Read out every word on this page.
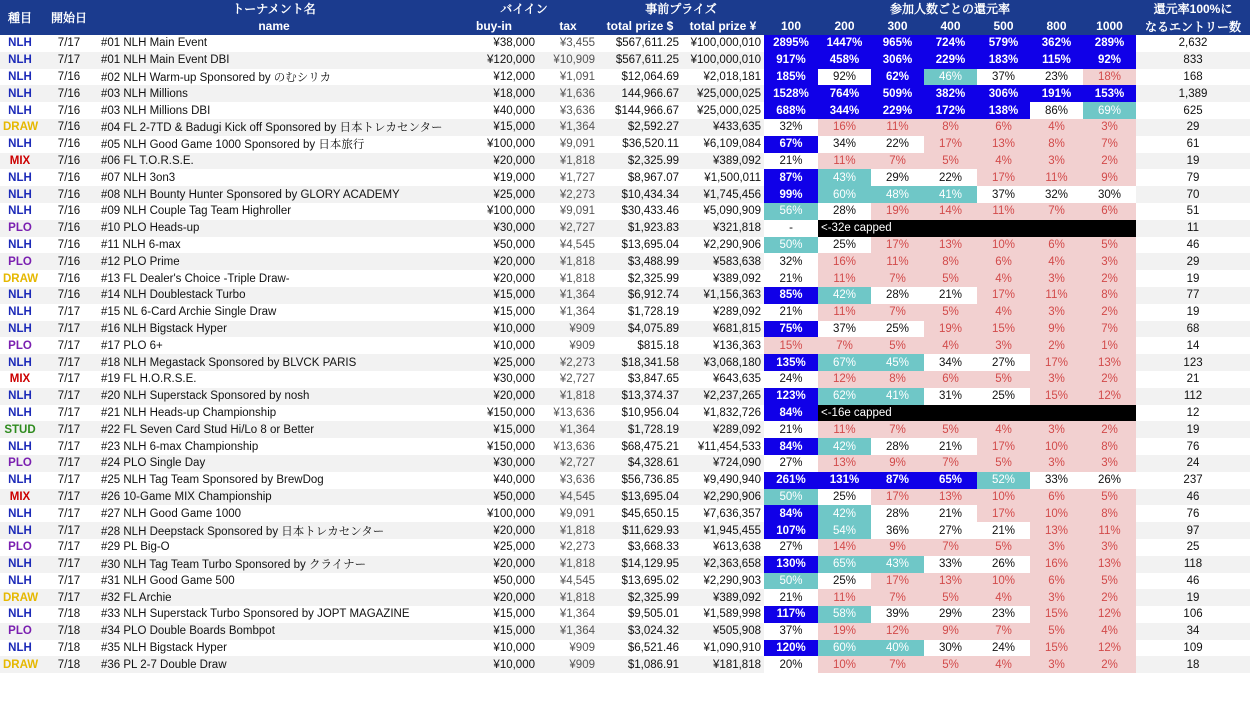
種目	開始日	トーナメント名	バイイン		事前プライズ		参加人数ごとの還元率							還元率100%に
		name	buy-in	tax	total prize $	total prize ¥	100	200	300	400	500	800	1000	なるエントリー数
NLH	7/17	#01 NLH Main Event	¥38,000	¥3,455	$567,611.25	¥100,000,010	2895%	1447%	965%	724%	579%	362%	289%	2,632
NLH	7/17	#01 NLH Main Event DBI	¥120,000	¥10,909	$567,611.25	¥100,000,010	917%	458%	306%	229%	183%	115%	92%	833
NLH	7/16	#02 NLH Warm-up Sponsored by のむシリカ	¥12,000	¥1,091	$12,064.69	¥2,018,181	185%	92%	62%	46%	37%	23%	18%	168
NLH	7/16	#03 NLH Millions	¥18,000	¥1,636	144,966.67	¥25,000,025	1528%	764%	509%	382%	306%	191%	153%	1,389
NLH	7/16	#03 NLH Millions DBI	¥40,000	¥3,636	$144,966.67	¥25,000,025	688%	344%	229%	172%	138%	86%	69%	625
DRAW	7/16	#04 FL 2-7TD & Badugi Kick off Sponsored by 日本トレカセンター	¥15,000	¥1,364	$2,592.27	¥433,635	32%	16%	11%	8%	6%	4%	3%	29
NLH	7/16	#05 NLH Good Game 1000 Sponsored by 日本旅行	¥100,000	¥9,091	$36,520.11	¥6,109,084	67%	34%	22%	17%	13%	8%	7%	61
MIX	7/16	#06 FL T.O.R.S.E.	¥20,000	¥1,818	$2,325.99	¥389,092	21%	11%	7%	5%	4%	3%	2%	19
NLH	7/16	#07 NLH 3on3	¥19,000	¥1,727	$8,967.07	¥1,500,011	87%	43%	29%	22%	17%	11%	9%	79
NLH	7/16	#08 NLH Bounty Hunter Sponsored by GLORY ACADEMY	¥25,000	¥2,273	$10,434.34	¥1,745,456	99%	60%	48%	41%	37%	32%	30%	70
NLH	7/16	#09 NLH Couple Tag Team Highroller	¥100,000	¥9,091	$30,433.46	¥5,090,909	56%	28%	19%	14%	11%	7%	6%	51
PLO	7/16	#10 PLO Heads-up	¥30,000	¥2,727	$1,923.83	¥321,818	-	<-32e capped						11
NLH	7/16	#11 NLH 6-max	¥50,000	¥4,545	$13,695.04	¥2,290,906	50%	25%	17%	13%	10%	6%	5%	46
PLO	7/16	#12 PLO Prime	¥20,000	¥1,818	$3,488.99	¥583,638	32%	16%	11%	8%	6%	4%	3%	29
DRAW	7/16	#13 FL Dealer's Choice -Triple Draw-	¥20,000	¥1,818	$2,325.99	¥389,092	21%	11%	7%	5%	4%	3%	2%	19
NLH	7/16	#14 NLH Doublestack Turbo	¥15,000	¥1,364	$6,912.74	¥1,156,363	85%	42%	28%	21%	17%	11%	8%	77
NLH	7/17	#15 NL 6-Card Archie Single Draw	¥15,000	¥1,364	$1,728.19	¥289,092	21%	11%	7%	5%	4%	3%	2%	19
NLH	7/17	#16 NLH Bigstack Hyper	¥10,000	¥909	$4,075.89	¥681,815	75%	37%	25%	19%	15%	9%	7%	68
PLO	7/17	#17 PLO 6+	¥10,000	¥909	$815.18	¥136,363	15%	7%	5%	4%	3%	2%	1%	14
NLH	7/17	#18 NLH Megastack Sponsored by BLVCK PARIS	¥25,000	¥2,273	$18,341.58	¥3,068,180	135%	67%	45%	34%	27%	17%	13%	123
MIX	7/17	#19 FL H.O.R.S.E.	¥30,000	¥2,727	$3,847.65	¥643,635	24%	12%	8%	6%	5%	3%	2%	21
NLH	7/17	#20 NLH Superstack Sponsored by nosh	¥20,000	¥1,818	$13,374.37	¥2,237,265	123%	62%	41%	31%	25%	15%	12%	112
NLH	7/17	#21 NLH Heads-up Championship	¥150,000	¥13,636	$10,956.04	¥1,832,726	84%	<-16e capped						12
STUD	7/17	#22 FL Seven Card Stud Hi/Lo 8 or Better	¥15,000	¥1,364	$1,728.19	¥289,092	21%	11%	7%	5%	4%	3%	2%	19
NLH	7/17	#23 NLH 6-max Championship	¥150,000	¥13,636	$68,475.21	¥11,454,533	84%	42%	28%	21%	17%	10%	8%	76
PLO	7/17	#24 PLO Single Day	¥30,000	¥2,727	$4,328.61	¥724,090	27%	13%	9%	7%	5%	3%	3%	24
NLH	7/17	#25 NLH Tag Team Sponsored by BrewDog	¥40,000	¥3,636	$56,736.85	¥9,490,940	261%	131%	87%	65%	52%	33%	26%	237
MIX	7/17	#26 10-Game MIX Championship	¥50,000	¥4,545	$13,695.04	¥2,290,906	50%	25%	17%	13%	10%	6%	5%	46
NLH	7/17	#27 NLH Good Game 1000	¥100,000	¥9,091	$45,650.15	¥7,636,357	84%	42%	28%	21%	17%	10%	8%	76
NLH	7/17	#28 NLH Deepstack Sponsored by 日本トレカセンター	¥20,000	¥1,818	$11,629.93	¥1,945,455	107%	54%	36%	27%	21%	13%	11%	97
PLO	7/17	#29 PL Big-O	¥25,000	¥2,273	$3,668.33	¥613,638	27%	14%	9%	7%	5%	3%	3%	25
NLH	7/17	#30 NLH Tag Team Turbo Sponsored by クライナー	¥20,000	¥1,818	$14,129.95	¥2,363,658	130%	65%	43%	33%	26%	16%	13%	118
NLH	7/17	#31 NLH Good Game 500	¥50,000	¥4,545	$13,695.02	¥2,290,903	50%	25%	17%	13%	10%	6%	5%	46
DRAW	7/17	#32 FL Archie	¥20,000	¥1,818	$2,325.99	¥389,092	21%	11%	7%	5%	4%	3%	2%	19
NLH	7/18	#33 NLH Superstack Turbo Sponsored by JOPT MAGAZINE	¥15,000	¥1,364	$9,505.01	¥1,589,998	117%	58%	39%	29%	23%	15%	12%	106
PLO	7/18	#34 PLO Double Boards Bombpot	¥15,000	¥1,364	$3,024.32	¥505,908	37%	19%	12%	9%	7%	5%	4%	34
NLH	7/18	#35 NLH Bigstack Hyper	¥10,000	¥909	$6,521.46	¥1,090,910	120%	60%	40%	30%	24%	15%	12%	109
DRAW	7/18	#36 PL 2-7 Double Draw	¥10,000	¥909	$1,086.91	¥181,818	20%	10%	7%	5%	4%	3%	2%	18
